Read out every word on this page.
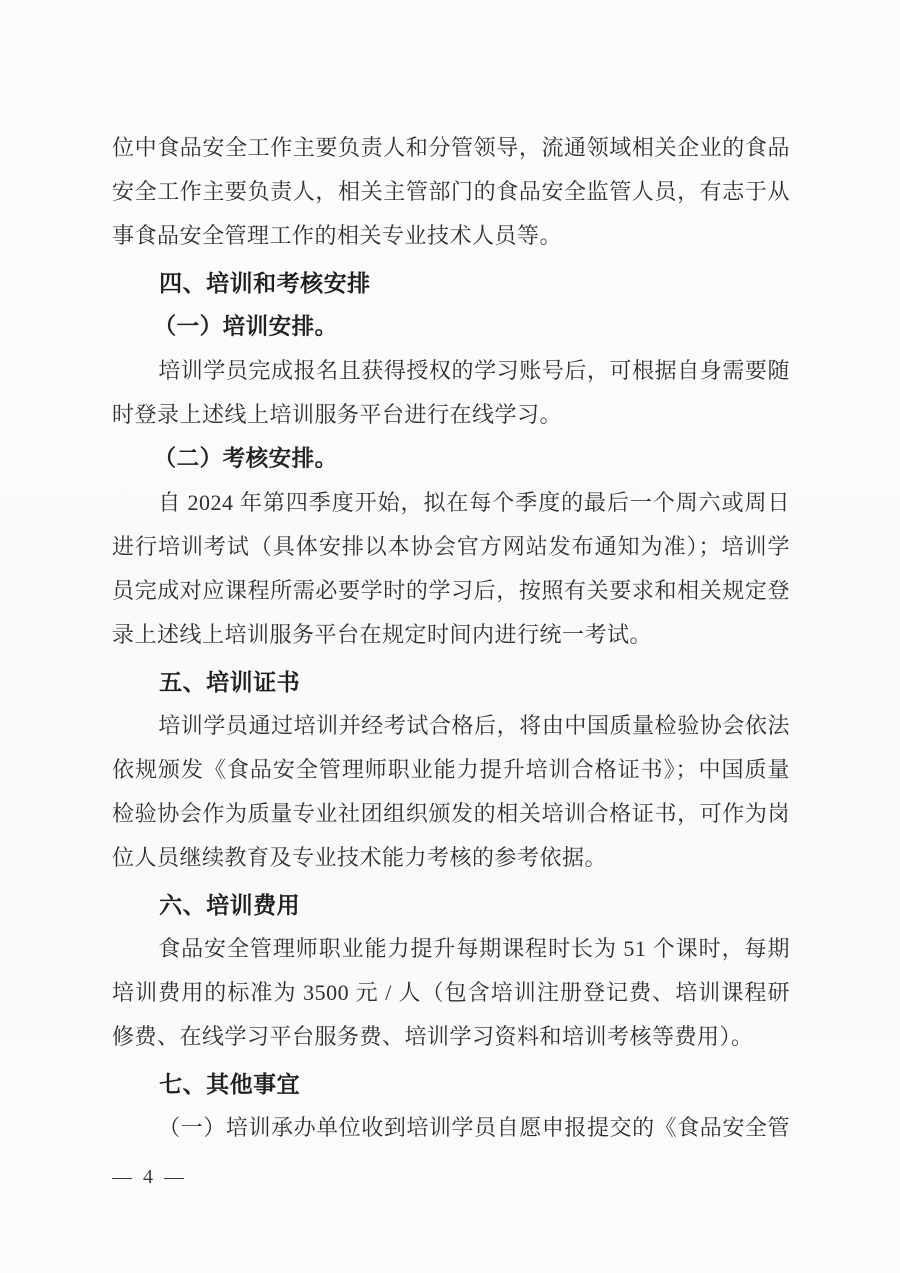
位中食品安全工作主要负责人和分管领导，流通领域相关企业的食品
安全工作主要负责人，相关主管部门的食品安全监管人员，有志于从
事食品安全管理工作的相关专业技术人员等。
四、培训和考核安排
（一）培训安排。
培训学员完成报名且获得授权的学习账号后，可根据自身需要随
时登录上述线上培训服务平台进行在线学习。
（二）考核安排。
自 2024 年第四季度开始，拟在每个季度的最后一个周六或周日
进行培训考试（具体安排以本协会官方网站发布通知为准）；培训学
员完成对应课程所需必要学时的学习后，按照有关要求和相关规定登
录上述线上培训服务平台在规定时间内进行统一考试。
五、培训证书
培训学员通过培训并经考试合格后，将由中国质量检验协会依法
依规颁发《食品安全管理师职业能力提升培训合格证书》；中国质量
检验协会作为质量专业社团组织颁发的相关培训合格证书，可作为岗
位人员继续教育及专业技术能力考核的参考依据。
六、培训费用
食品安全管理师职业能力提升每期课程时长为 51 个课时，每期
培训费用的标准为 3500 元 / 人（包含培训注册登记费、培训课程研
修费、在线学习平台服务费、培训学习资料和培训考核等费用）。
七、其他事宜
（一）培训承办单位收到培训学员自愿申报提交的《食品安全管
— 4 —
